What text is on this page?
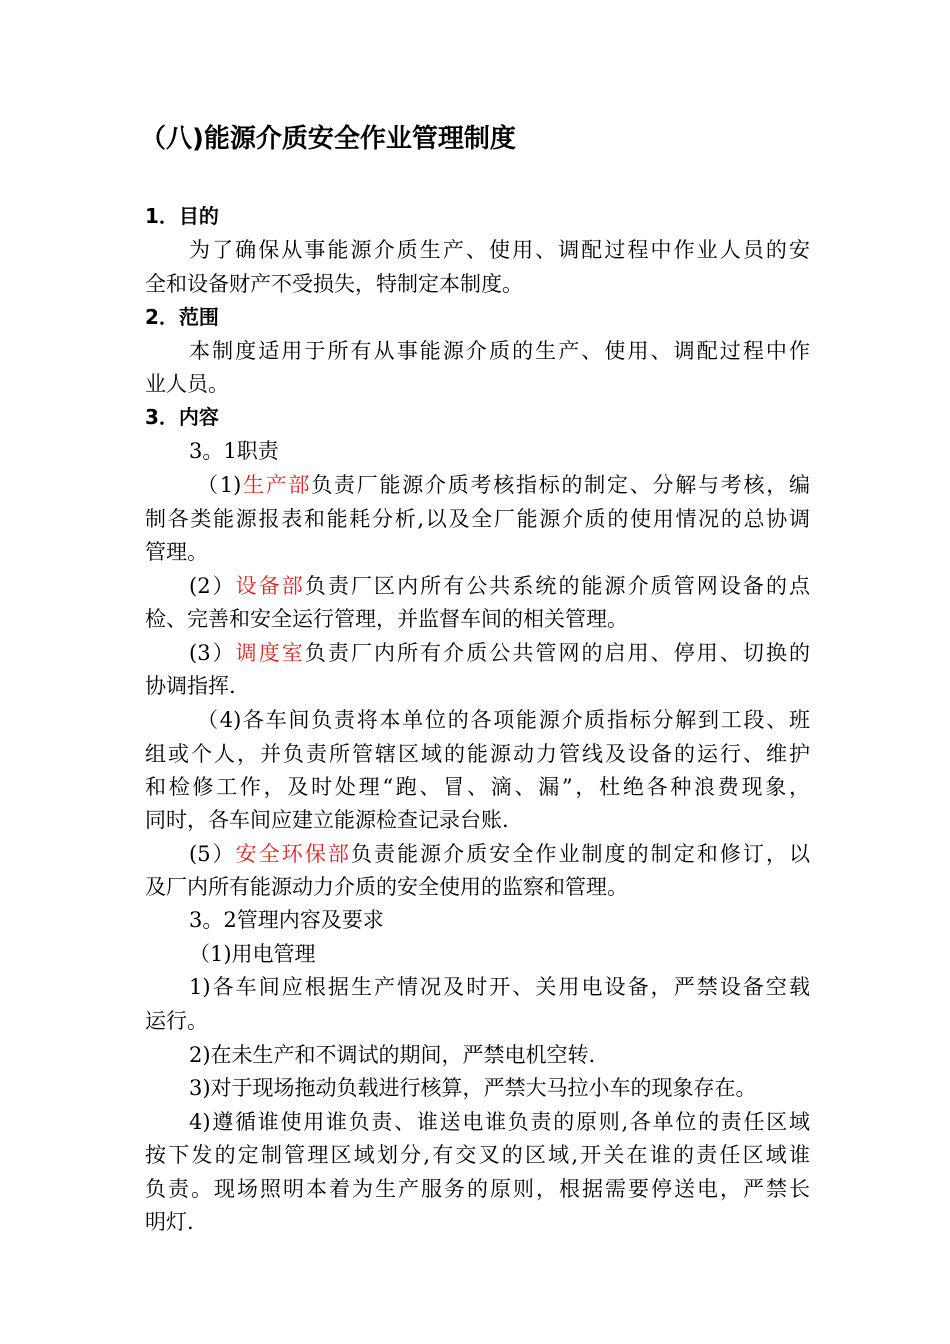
（八)能源介质安全作业管理制度
1．目的
为了确保从事能源介质生产、使用、调配过程中作业人员的安
全和设备财产不受损失，特制定本制度。
2．范围
本制度适用于所有从事能源介质的生产、使用、调配过程中作
业人员。
3．内容
3。1职责
（1)生产部负责厂能源介质考核指标的制定、分解与考核，编
制各类能源报表和能耗分析,以及全厂能源介质的使用情况的总协调
管理。
(2）设备部负责厂区内所有公共系统的能源介质管网设备的点
检、完善和安全运行管理，并监督车间的相关管理。
(3）调度室负责厂内所有介质公共管网的启用、停用、切换的
协调指挥.
（4)各车间负责将本单位的各项能源介质指标分解到工段、班
组或个人，并负责所管辖区域的能源动力管线及设备的运行、维护
和检修工作，及时处理“跑、冒、滴、漏”，杜绝各种浪费现象，
同时，各车间应建立能源检查记录台账.
(5）安全环保部负责能源介质安全作业制度的制定和修订，以
及厂内所有能源动力介质的安全使用的监察和管理。
3。2管理内容及要求
（1)用电管理
1)各车间应根据生产情况及时开、关用电设备，严禁设备空载
运行。
2)在未生产和不调试的期间，严禁电机空转.
3)对于现场拖动负载进行核算，严禁大马拉小车的现象存在。
4)遵循谁使用谁负责、谁送电谁负责的原则,各单位的责任区域
按下发的定制管理区域划分,有交叉的区域,开关在谁的责任区域谁
负责。现场照明本着为生产服务的原则，根据需要停送电，严禁长
明灯.
